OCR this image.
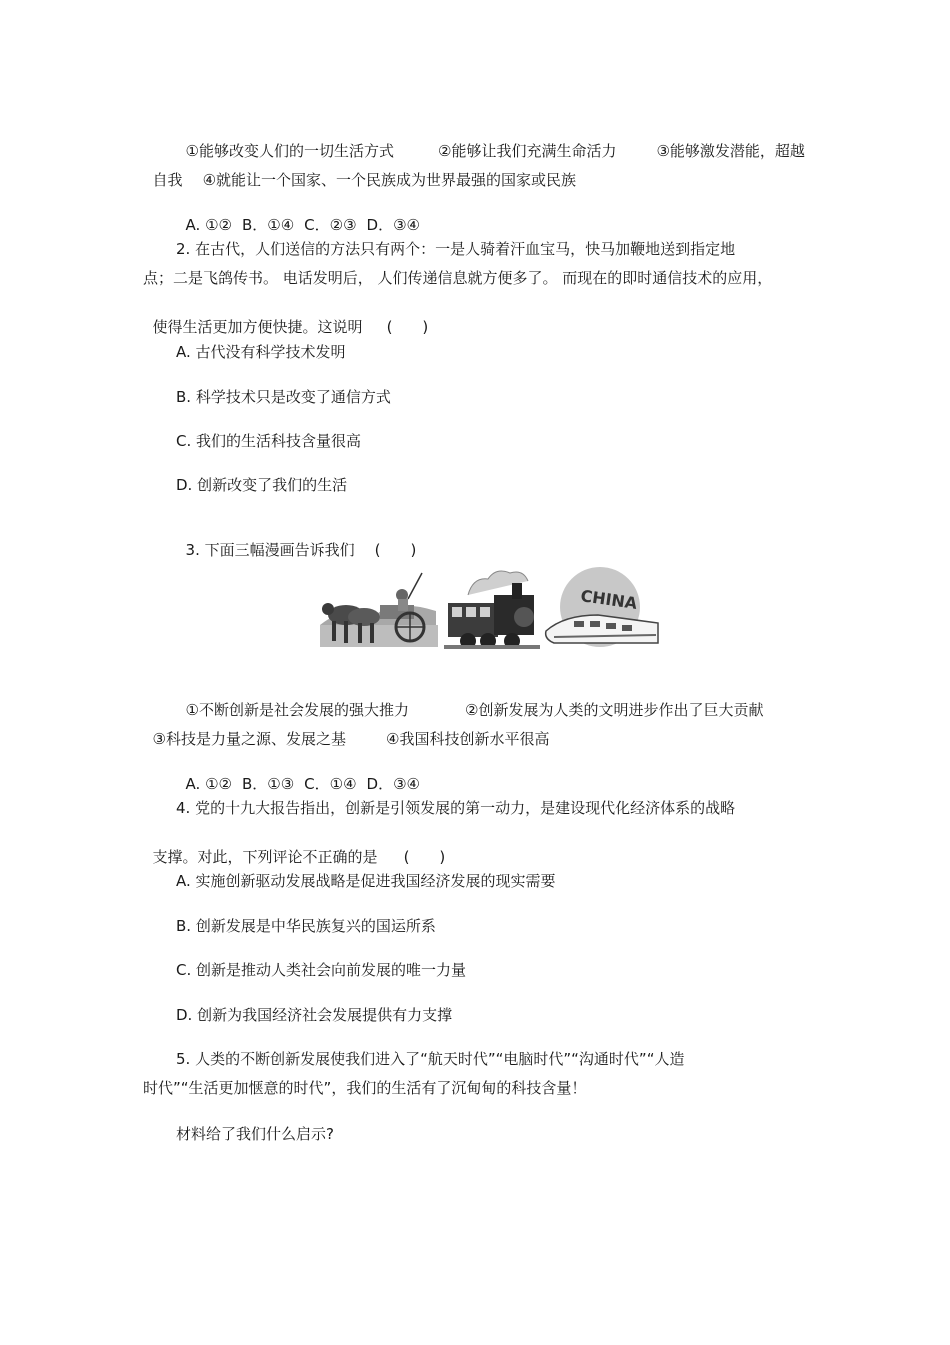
①能够改变人们的一切生活方式	②能够让我们充满生命活力	③能够激发潜能，超越

自我 ④就能让一个国家、一个民族成为世界最强的国家或民族

A. ①② B．①④ C．②③ D．③④

2. 在古代，人们送信的方法只有两个：一是人骑着汗血宝马，快马加鞭地送到指定地
点；二是飞鸽传书。 电话发明后， 人们传递信息就方便多了。 而现在的即时通信技术的应用，

使得生活更加方便快捷。这说明 (　　)

A. 古代没有科学技术发明
B. 科学技术只是改变了通信方式
C. 我们的生活科技含量很高
D. 创新改变了我们的生活

3. 下面三幅漫画告诉我们 (　　)

CHINA

①不断创新是社会发展的强大推力	②创新发展为人类的文明进步作出了巨大贡献

③科技是力量之源、发展之基	④我国科技创新水平很高

A. ①② B．①③ C．①④ D．③④

4. 党的十九大报告指出，创新是引领发展的第一动力，是建设现代化经济体系的战略

支撑。对此，下列评论不正确的是 (　　)

A. 实施创新驱动发展战略是促进我国经济发展的现实需要
B. 创新发展是中华民族复兴的国运所系
C. 创新是推动人类社会向前发展的唯一力量
D. 创新为我国经济社会发展提供有力支撑
5. 人类的不断创新发展使我们进入了“航天时代”“电脑时代”“沟通时代”“人造
时代”“生活更加惬意的时代”，我们的生活有了沉甸甸的科技含量！
材料给了我们什么启示?
